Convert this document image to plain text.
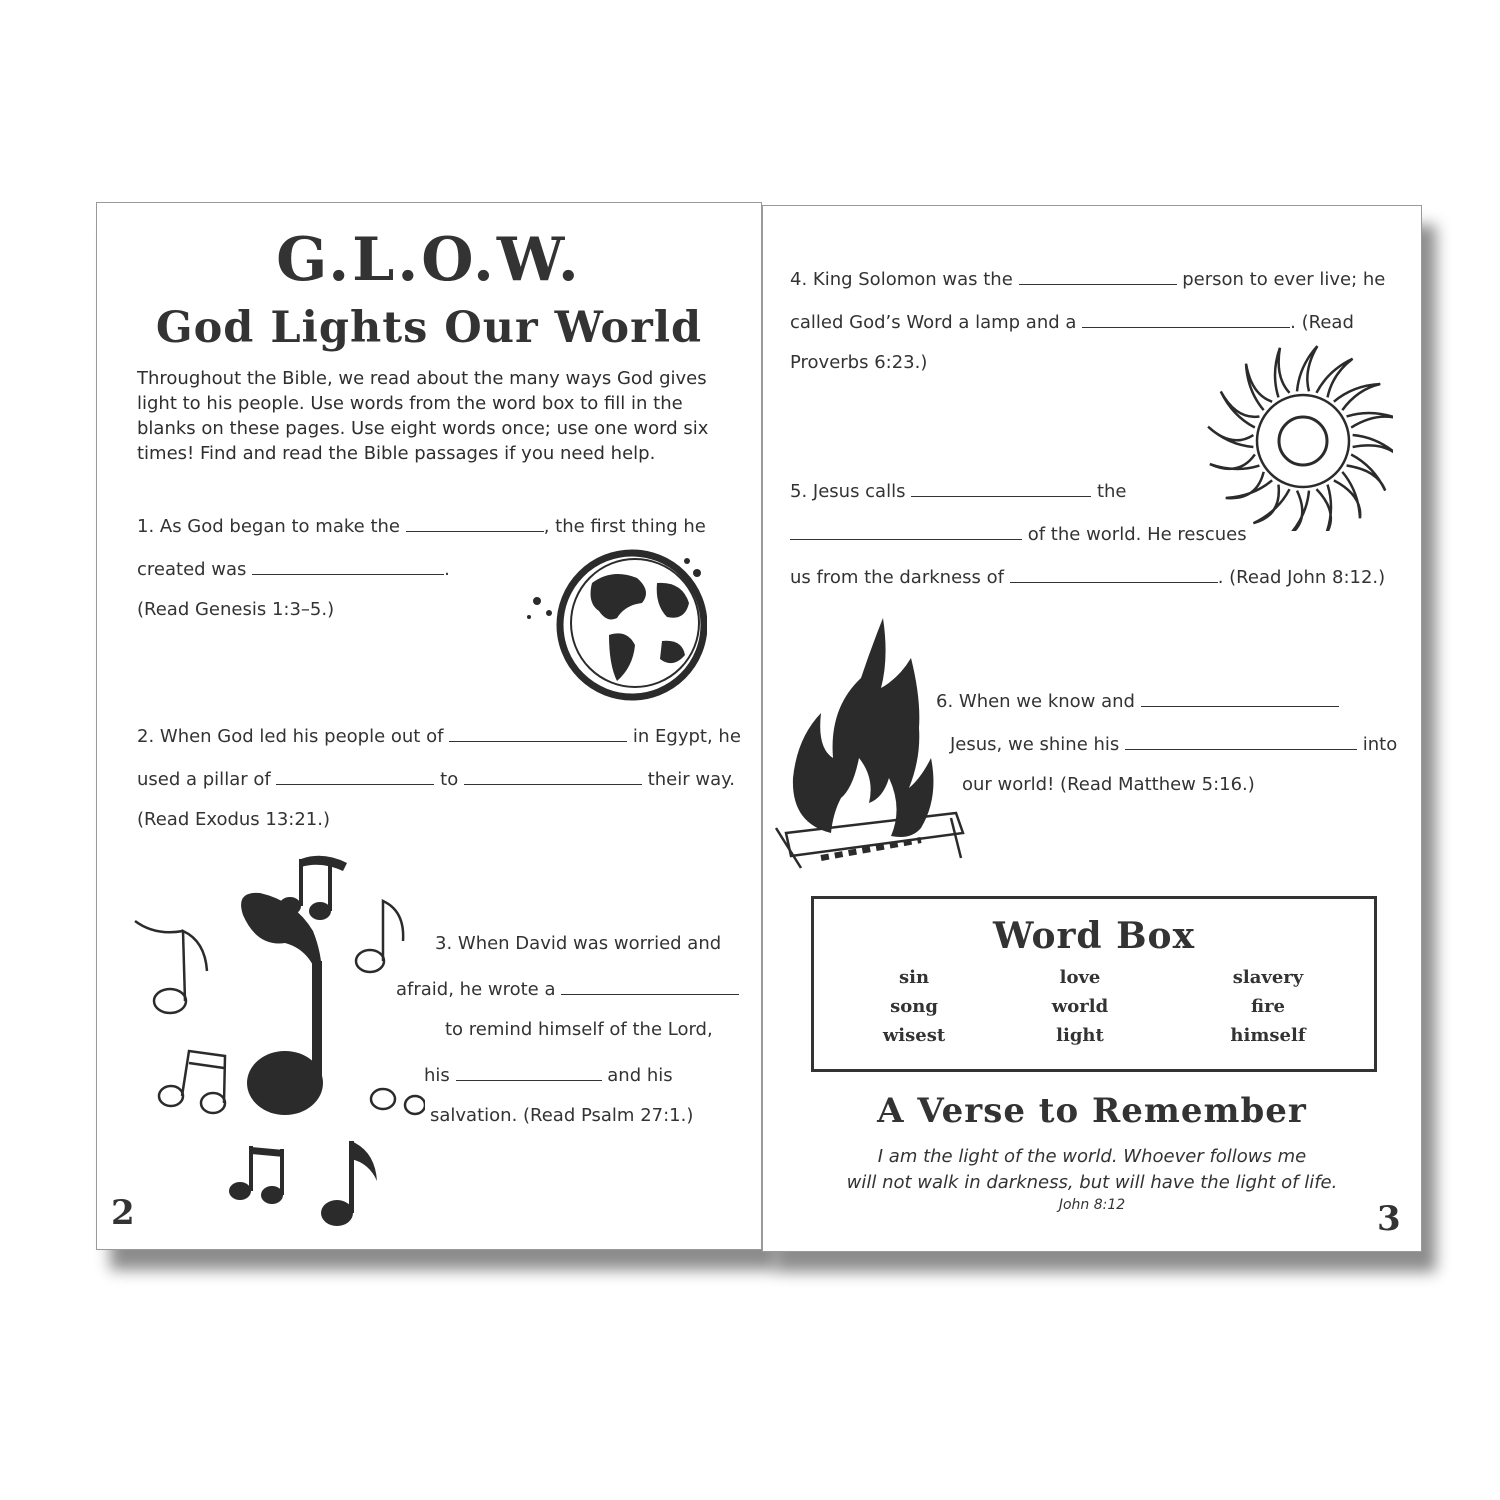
G.L.O.W.
God Lights Our World
Throughout the Bible, we read about the many ways God gives light to his people. Use words from the word box to fill in the blanks on these pages. Use eight words once; use one word six times! Find and read the Bible passages if you need help.
1. As God began to make the	, the first thing he
created was	.
(Read Genesis 1:3–5.)
2. When God led his people out of	in Egypt, he
used a pillar of	to	their way.
(Read Exodus 13:21.)
3. When David was worried and
afraid, he wrote a
to remind himself of the Lord,
his	and his
salvation. (Read Psalm 27:1.)
2
4. King Solomon was the	person to ever live; he
called God’s Word a lamp and a	. (Read
Proverbs 6:23.)
5. Jesus calls	the
of the world. He rescues
us from the darkness of	. (Read John 8:12.)
6. When we know and
Jesus, we shine his	into
our world! (Read Matthew 5:16.)
Word Box
sin	love	slavery
song	world	fire
wisest	light	himself
A Verse to Remember
I am the light of the world. Whoever follows me
will not walk in darkness, but will have the light of life.
John 8:12	3
